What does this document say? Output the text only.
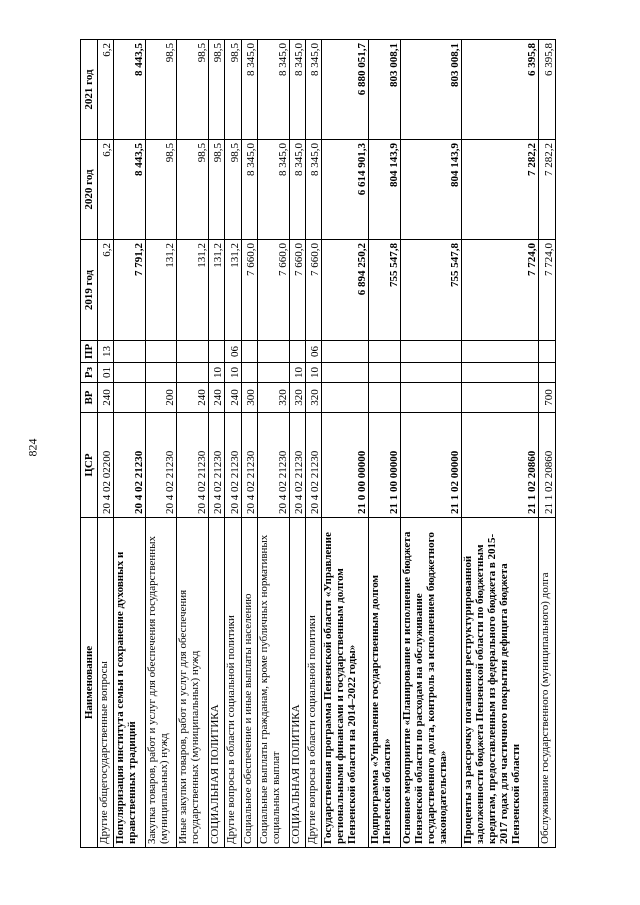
824
Наименование	ЦСР	ВР	Рз	ПР	2019 год	2020 год	2021 год
Другие общегосударственные вопросы	20 4 02 02200	240	01	13	6,2	6,2	6,2
Популяризация института семьи и сохранение духовных и нравственных традиций	20 4 02 21230				7 791,2	8 443,5	8 443,5
Закупка товаров, работ и услуг для обеспечения государственных (муниципальных) нужд	20 4 02 21230	200			131,2	98,5	98,5
Иные закупки товаров, работ и услуг для обеспечения государственных (муниципальных) нужд	20 4 02 21230	240			131,2	98,5	98,5
СОЦИАЛЬНАЯ ПОЛИТИКА	20 4 02 21230	240	10		131,2	98,5	98,5
Другие вопросы в области социальной политики	20 4 02 21230	240	10	06	131,2	98,5	98,5
Социальное обеспечение и иные выплаты населению	20 4 02 21230	300			7 660,0	8 345,0	8 345,0
Социальные выплаты гражданам, кроме публичных нормативных социальных выплат	20 4 02 21230	320			7 660,0	8 345,0	8 345,0
СОЦИАЛЬНАЯ ПОЛИТИКА	20 4 02 21230	320	10		7 660,0	8 345,0	8 345,0
Другие вопросы в области социальной политики	20 4 02 21230	320	10	06	7 660,0	8 345,0	8 345,0
Государственная программа Пензенской области «Управление региональными финансами и государственным долгом Пензенской области на 2014–2022 годы»	21 0 00 00000				6 894 250,2	6 614 901,3	6 880 051,7
Подпрограмма «Управление государственным долгом Пензенской области»	21 1 00 00000				755 547,8	804 143,9	803 008,1
Основное мероприятие «Планирование и исполнение бюджета Пензенской области по расходам на обслуживание государственного долга, контроль за исполнением бюджетного законодательства»	21 1 02 00000				755 547,8	804 143,9	803 008,1
Проценты за рассрочку погашения реструктурированной задолженности бюджета Пензенской области по бюджетным кредитам, предоставленным из федерального бюджета в 2015-2017 годах для частичного покрытия дефицита бюджета Пензенской области	21 1 02 20860				7 724,0	7 282,2	6 395,8
Обслуживание государственного (муниципального) долга	21 1 02 20860	700			7 724,0	7 282,2	6 395,8
